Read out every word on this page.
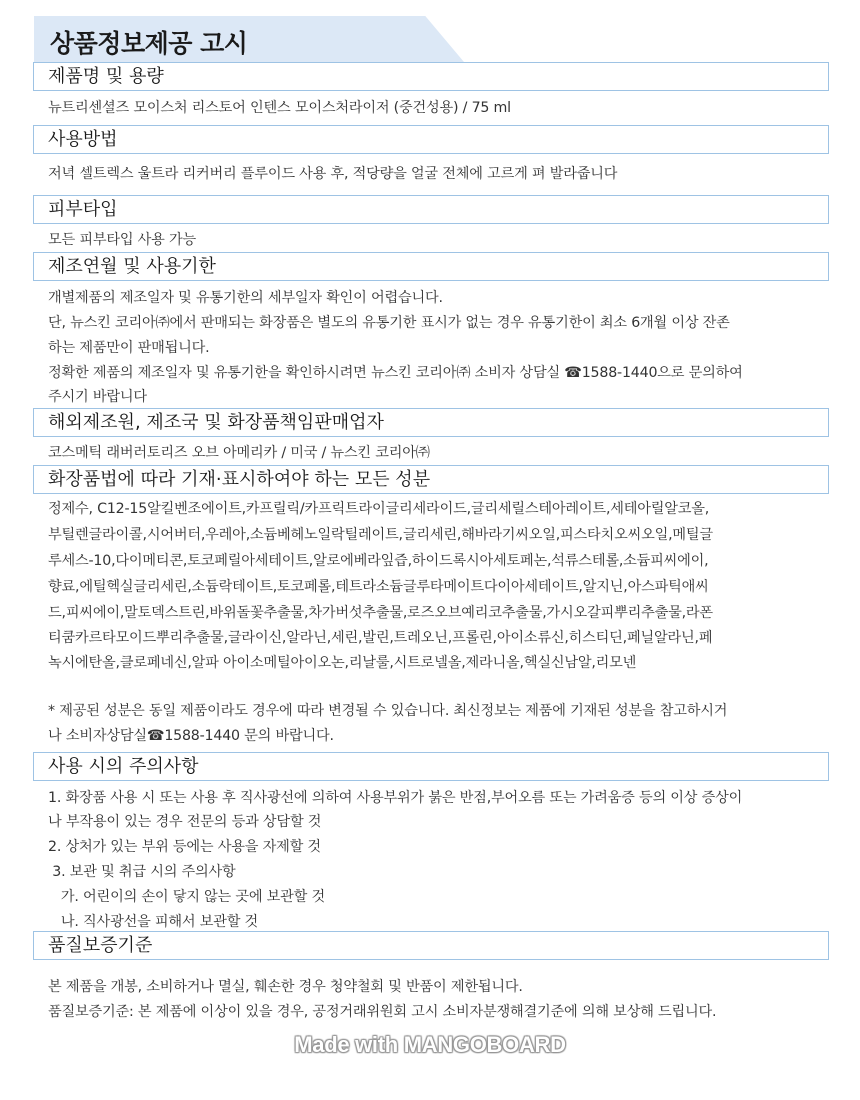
상품정보제공 고시
제품명 및 용량
뉴트리센셜즈 모이스처 리스토어 인텐스 모이스처라이저 (중건성용) / 75 ml
사용방법
저녁 셀트렉스 울트라 리커버리 플루이드 사용 후, 적당량을 얼굴 전체에 고르게 펴 발라줍니다
피부타입
모든 피부타입 사용 가능
제조연월 및 사용기한
개별제품의 제조일자 및 유통기한의 세부일자 확인이 어렵습니다.
단, 뉴스킨 코리아㈜에서 판매되는 화장품은 별도의 유통기한 표시가 없는 경우 유통기한이 최소 6개월 이상 잔존
하는 제품만이 판매됩니다.
정확한 제품의 제조일자 및 유통기한을 확인하시려면 뉴스킨 코리아㈜ 소비자 상담실 ☎1588-1440으로 문의하여
주시기 바랍니다
해외제조원, 제조국 및 화장품책임판매업자
코스메틱 래버러토리즈 오브 아메리카 / 미국 / 뉴스킨 코리아㈜
화장품법에 따라 기재·표시하여야 하는 모든 성분
정제수, C12-15알킬벤조에이트,카프릴릭/카프릭트라이글리세라이드,글리세릴스테아레이트,세테아릴알코올,
부틸렌글라이콜,시어버터,우레아,소듐베헤노일락틸레이트,글리세린,해바라기씨오일,피스타치오씨오일,메틸글
루세스-10,다이메티콘,토코페릴아세테이트,알로에베라잎즙,하이드록시아세토페논,석류스테롤,소듐피씨에이,
향료,에틸헥실글리세린,소듐락테이트,토코페롤,테트라소듐글루타메이트다이아세테이트,알지닌,아스파틱애씨
드,피씨에이,말토덱스트린,바위돌꽃추출물,차가버섯추출물,로즈오브예리코추출물,가시오갈피뿌리추출물,라폰
티쿰카르타모이드뿌리추출물,글라이신,알라닌,세린,발린,트레오닌,프롤린,아이소류신,히스티딘,페닐알라닌,페
녹시에탄올,클로페네신,알파 아이소메틸아이오논,리날룰,시트로넬올,제라니올,헥실신남알,리모넨
* 제공된 성분은 동일 제품이라도 경우에 따라 변경될 수 있습니다. 최신정보는 제품에 기재된 성분을 참고하시거
나 소비자상담실☎1588-1440 문의 바랍니다.
사용 시의 주의사항
1. 화장품 사용 시 또는 사용 후 직사광선에 의하여 사용부위가 붉은 반점,부어오름 또는 가려움증 등의 이상 증상이
나 부작용이 있는 경우 전문의 등과 상담할 것
2. 상처가 있는 부위 등에는 사용을 자제할 것
3. 보관 및 취급 시의 주의사항
가. 어린이의 손이 닿지 않는 곳에 보관할 것
나. 직사광선을 피해서 보관할 것
품질보증기준
본 제품을 개봉, 소비하거나 멸실, 훼손한 경우 청약철회 및 반품이 제한됩니다.
품질보증기준: 본 제품에 이상이 있을 경우, 공정거래위원회 고시 소비자분쟁해결기준에 의해 보상해 드립니다.
Made with MANGOBOARD
